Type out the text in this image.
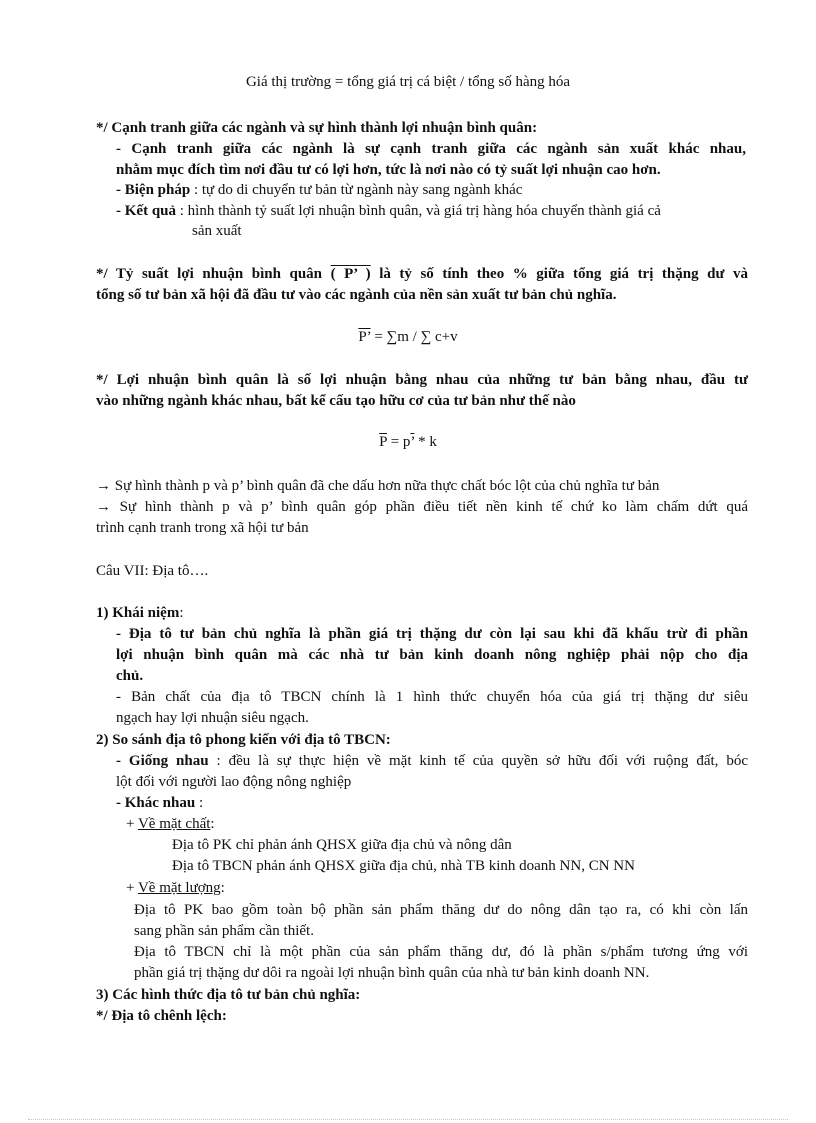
Giá thị trường = tổng giá trị cá biệt / tổng số hàng hóa
*/ Cạnh tranh giữa các ngành và sự hình thành lợi nhuận bình quân:
- Cạnh tranh giữa các ngành là sự cạnh tranh giữa các ngành sản xuất khác nhau,
nhằm mục đích tìm nơi đầu tư có lợi hơn, tức là nơi nào có tỷ suất lợi nhuận cao hơn.
- Biện pháp : tự do di chuyển tư bản từ ngành này sang ngành khác
- Kết quả : hình thành tỷ suất lợi nhuận bình quân, và giá trị hàng hóa chuyển thành giá cả
sản xuất
*/ Tỷ suất lợi nhuận bình quân ( P’ ) là tỷ số tính theo % giữa tổng giá trị thặng dư và
tổng số tư bản xã hội đã đầu tư vào các ngành của nền sản xuất tư bản chủ nghĩa.
P’ = ∑m / ∑ c+v
*/ Lợi nhuận bình quân là số lợi nhuận bằng nhau của những tư bản bằng nhau, đầu tư
vào những ngành khác nhau, bất kể cấu tạo hữu cơ của tư bản như thế nào
$\overline{P} = p$’ * k
→ Sự hình thành p và p’ bình quân đã che dấu hơn nữa thực chất bóc lột của chủ nghĩa tư bản
→ Sự hình thành p và p’ bình quân góp phần điều tiết nền kinh tế chứ ko làm chấm dứt quá
trình cạnh tranh trong xã hội tư bản
Câu VII: Địa tô….
1) Khái niệm:
- Địa tô tư bản chủ nghĩa là phần giá trị thặng dư còn lại sau khi đã khấu trừ đi phần
lợi nhuận bình quân mà các nhà tư bản kinh doanh nông nghiệp phải nộp cho địa
chủ.
- Bản chất của địa tô TBCN chính là 1 hình thức chuyển hóa của giá trị thặng dư siêu
ngạch hay lợi nhuận siêu ngạch.
2) So sánh địa tô phong kiến với địa tô TBCN:
- Giống nhau : đều là sự thực hiện về mặt kinh tế của quyền sở hữu đối với ruộng đất, bóc
lột đối với người lao động nông nghiệp
- Khác nhau :
+ Về mặt chất:
Địa tô PK chỉ phản ánh QHSX giữa địa chủ và nông dân
Địa tô TBCN phản ánh QHSX giữa địa chủ, nhà TB kinh doanh NN, CN NN
+ Về mặt lượng:
Địa tô PK bao gồm toàn bộ phần sản phẩm thăng dư do nông dân tạo ra, có khi còn lấn
sang phần sản phẩm cần thiết.
Địa tô TBCN chỉ là một phần của sản phẩm thăng dư, đó là phần s/phẩm tương ứng với
phần giá trị thặng dư dôi ra ngoài lợi nhuận bình quân của nhà tư bản kinh doanh NN.
3) Các hình thức địa tô tư bản chủ nghĩa:
*/ Địa tô chênh lệch:
